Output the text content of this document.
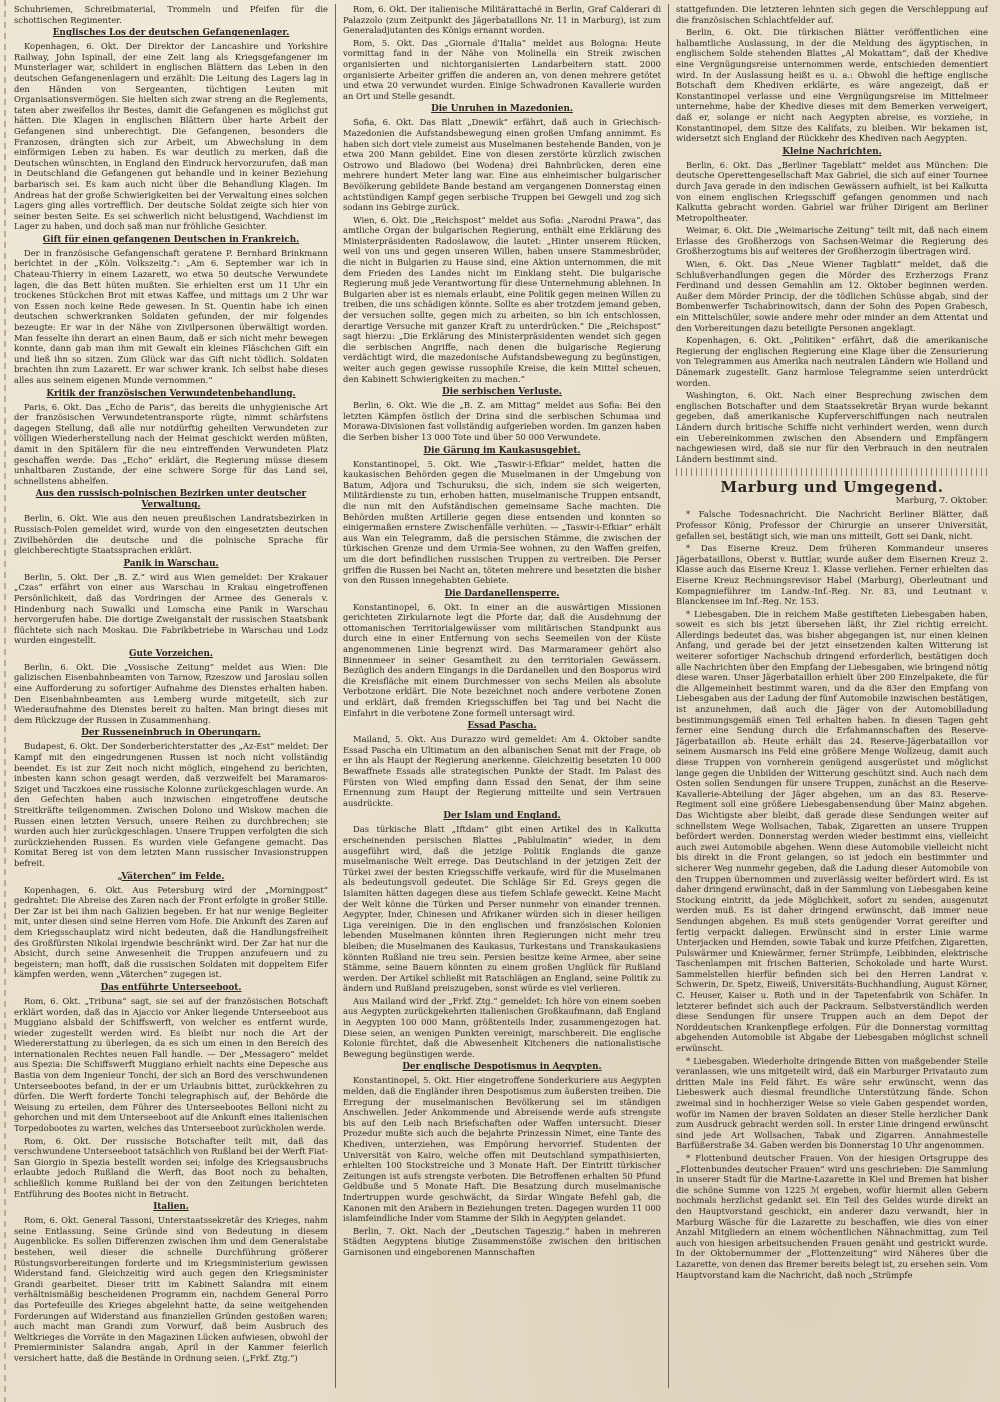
Schuhriemen, Schreibmaterial, Trommeln und Pfeifen für die schottischen Regimenter.

Englisches Los der deutschen Gefangenenlager.

Kopenhagen, 6. Okt. Der Direktor der Lancashire und Yorkshire Railway, John Ispinall, der eine Zeit lang als Kriegsgefangener im Munsterlager war, schildert in englischen Blättern das Leben in den deutschen Gefangenenlagern und erzählt: Die Leitung des Lagers lag in den Händen von Sergeanten, tüchtigen Leuten mit Organisationsvermögen. Sie hielten sich zwar streng an die Reglements, taten aber zweifellos ihr Bestes, damit die Gefangenen es möglichst gut hätten. Die Klagen in englischen Blättern über harte Arbeit der Gefangenen sind unberechtigt. Die Gefangenen, besonders die Franzosen, drängten sich zur Arbeit, um Abwechslung in dem einförmigen Leben zu haben. Es war deutlich zu merken, daß die Deutschen wünschten, in England den Eindruck hervorzurufen, daß man in Deutschland die Gefangenen gut behandle und in keiner Beziehung barbarisch sei. Es kam auch nicht über die Behandlung Klagen. Im Andreas hat der große Schwierigkeiten bei der Verwaltung eines solchen Lagers ging alles vortrefflich. Der deutsche Soldat zeigte sich hier von seiner besten Seite. Es sei schwerlich nicht belustigend, Wachdienst im Lager zu haben, und doch saß man nur fröhliche Gesichter.

Gift für einen gefangenen Deutschen in Frankreich.

Der in französische Gefangenschaft geratene P. Bernhard Brinkmann berichtet in der „Köln. Volkszeitg.“: „Am 6. September war ich in Chateau-Thierry in einem Lazarett, wo etwa 50 deutsche Verwundete lagen, die das Bett hüten mußten. Sie erhielten erst um 11 Uhr ein trockenes Stückchen Brot mit etwas Kaffee, und mittags um 2 Uhr war von Essen noch keine Rede gewesen. In St. Quentin habe ich einen deutschen schwerkranken Soldaten gefunden, der mir folgendes bezeugte: Er war in der Nähe von Zivilpersonen überwältigt worden. Man fesselte ihn derart an einen Baum, daß er sich nicht mehr bewegen konnte, dann gab man ihm mit Gewalt ein kleines Fläschchen Gift ein und ließ ihn so sitzen. Zum Glück war das Gift nicht tödlich. Soldaten brachten ihn zum Lazarett. Er war schwer krank. Ich selbst habe dieses alles aus seinem eigenen Munde vernommen.“

Kritik der französischen Verwundetenbehandlung.

Paris, 6. Okt. Das „Echo de Paris“, das bereits die unhygienische Art der französischen Verwundetentransporte rügte, nimmt schärfstens dagegen Stellung, daß alle nur notdürftig geheilten Verwundeten zur völligen Wiederherstellung nach der Heimat geschickt werden müßten, damit in den Spitälern für die neu eintreffenden Verwundeten Platz geschaffen werde. Das „Echo“ erklärt, die Regierung müsse diesem unhaltbaren Zustande, der eine schwere Sorge für das Land sei, schnellstens abhelfen.

Aus den russisch-polnischen Bezirken unter deutscher Verwaltung.

Berlin, 6. Okt. Wie aus den neuen preußischen Landratsbezirken in Russisch-Polen gemeldet wird, wurde von den eingesetzten deutschen Zivilbehörden die deutsche und die polnische Sprache für gleichberechtigte Staatssprachen erklärt.

Panik in Warschau.

Berlin, 5. Okt. Der „B. Z.“ wird aus Wien gemeldet: Der Krakauer „Czas“ erfährt von einer aus Warschau in Krakau eingetroffenen Persönlichkeit, daß das Vordringen der Armee des Generals v. Hindenburg nach Suwalki und Lomscha eine Panik in Warschau hervorgerufen habe. Die dortige Zweiganstalt der russischen Staatsbank flüchtete sich nach Moskau. Die Fabrikbetriebe in Warschau und Lodz wurden eingestellt.

Gute Vorzeichen.

Berlin, 6. Okt. Die „Vossische Zeitung“ meldet aus Wien: Die galizischen Eisenbahnbeamten von Tarnow, Rzeszow und Jaroslau sollen eine Aufforderung zu sofortiger Aufnahme des Dienstes erhalten haben. Den Eisenbahnbeamten aus Lemberg wurde mitgeteilt, sich zur Wiederaufnahme des Dienstes bereit zu halten. Man bringt dieses mit dem Rückzuge der Russen in Zusammenhang.

Der Russeneinbruch in Oberungarn.

Budapest, 6. Okt. Der Sonderberichterstatter des „Az-Est“ meldet: Der Kampf mit den eingedrungenen Russen ist noch nicht vollständig beendet. Es ist zur Zeit noch nicht möglich, eingehend zu berichten, inbesten kann schon gesagt werden, daß verzweifelt bei Maramaros-Sziget und Taczkoes eine russische Kolonne zurückgeschlagen wurde. An den Gefechten haben auch inzwischen eingetroffene deutsche Streitkräfte teilgenommen. Zwischen Dolono und Wiskow machen die Russen einen letzten Versuch, unsere Reihen zu durchbrechen; sie wurden auch hier zurückgeschlagen. Unsere Truppen verfolgten die sich zurückziehenden Russen. Es wurden viele Gefangene gemacht. Das Komitat Bereg ist von dem letzten Mann russischer Invasionstruppen befreit.

„Väterchen“ im Felde.

Kopenhagen, 6. Okt. Aus Petersburg wird der „Morningpost“ gedrahtet: Die Abreise des Zaren nach der Front erfolgte in großer Stille. Der Zar ist bei ihm nach Galizien begeben. Er hat nur wenige Begleiter mit, unter diesen sind seine Herren vom Hofe. Die Ankunft des Zaren auf dem Kriegsschauplatz wird nicht bedeuten, daß die Handlungsfreiheit des Großfürsten Nikolai irgendwie beschränkt wird. Der Zar hat nur die Absicht, durch seine Anwesenheit die Truppen anzufeuern und zu begeistern; man hofft, daß die russischen Soldaten mit doppeltem Eifer kämpfen werden, wenn „Väterchen“ zugegen ist.

Das entführte Unterseeboot.

Rom, 6. Okt. „Tribuna“ sagt, sie sei auf der französischen Botschaft erklärt worden, daß das in Ajaccio vor Anker liegende Unterseeboot aus Muggiano alsbald der Schiffswerft, von welcher es entfernt wurde, wieder zugestellt werden wird. Es bleibt nur noch die Art der Wiedererstattung zu überlegen, da es sich um einen in den Bereich des internationalen Rechtes neuen Fall handle. — Der „Messagero“ meldet aus Spezia: Die Schiffswerft Muggiano erhielt nachts eine Depesche aus Bastia von dem Ingenieur Tonchi, der sich an Bord des verschwundenen Unterseebootes befand, in der er um Urlaubnis bittet, zurückkehren zu dürfen. Die Werft forderte Tonchi telegraphisch auf, der Behörde die Weisung zu erteilen, dem Führer des Unterseebootes Belloni nicht zu gehorchen und mit dem Unterseeboot auf die Ankunft eines italienischen Torpedobootes zu warten, welches das Unterseeboot zurückholen werde.

Rom, 6. Okt. Der russische Botschafter teilt mit, daß das verschwundene Unterseeboot tatsächlich von Rußland bei der Werft Fiat-San Giorgio in Spezia bestellt worden sei; infolge des Kriegsausbruchs erlaubte jedoch Rußland die Werft, das Boot noch zu behalten, schließlich komme Rußland bei der von den Zeitungen berichteten Entführung des Bootes nicht in Betracht.

Italien.

Rom, 6. Okt. General Tassoni, Unterstaatssekretär des Krieges, nahm seine Entlassung. Seine Gründe sind von Bedeutung in diesem Augenblicke. Es sollen Differenzen zwischen ihm und dem Generalstabe bestehen, weil dieser die schnelle Durchführung größerer Rüstungsvorbereitungen forderte und im Kriegsministerium gewissen Widerstand fand. Gleichzeitig wird auch gegen den Kriegsminister Grandi gearbeitet. Dieser tritt im Kabinett Salandra mit einem verhältnismäßig bescheidenen Programm ein, nachdem General Porro das Portefeuille des Krieges abgelehnt hatte, da seine weitgehenden Forderungen auf Widerstand aus finanziellen Gründen gestoßen waren; auch macht man Grandi zum Vorwurf, daß beim Ausbruch des Weltkrieges die Vorräte in den Magazinen Lücken aufwiesen, obwohl der Premierminister Salandra angab, April in der Kammer feierlich versichert hatte, daß die Bestände in Ordnung seien. („Frkf. Ztg.“)

Rom, 6. Okt. Der italienische Militärattaché in Berlin, Graf Calderari di Palazzolo (zum Zeitpunkt des Jägerbataillons Nr. 11 in Marburg), ist zum Generaladjutanten des Königs ernannt worden.

Rom, 5. Okt. Das „Giornale d'Italia“ meldet aus Bologna: Heute vormittag fand in der Nähe von Molinella ein Streik zwischen organisierten und nichtorganisierten Landarbeitern statt. 2000 organisierte Arbeiter griffen die anderen an, von denen mehrere getötet und etwa 20 verwundet wurden. Einige Schwadronen Kavallerie wurden an Ort und Stelle gesandt.

Die Unruhen in Mazedonien.

Sofia, 6. Okt. Das Blatt „Dnewik“ erfährt, daß auch in Griechisch-Mazedonien die Aufstandsbewegung einen großen Umfang annimmt. Es haben sich dort viele zumeist aus Muselmanen bestehende Banden, von je etwa 200 Mann gebildet. Eine von diesen zerstörte kürzlich zwischen Ostrowo und Bladowo (bei Wodena) drei Bahnbrücken, deren eine mehrere hundert Meter lang war. Eine aus einheimischer bulgarischer Bevölkerung gebildete Bande bestand am vergangenen Donnerstag einen achtstündigen Kampf gegen serbische Truppen bei Gewgeli und zog sich sodann ins Gebirge zurück.

Wien, 6. Okt. Die „Reichspost“ meldet aus Sofia: „Narodni Prawa“, das amtliche Organ der bulgarischen Regierung, enthält eine Erklärung des Ministerpräsidenten Radoslawow, die lautet: „Hinter unserem Rücken, weil von uns und gegen unseren Willen, haben unsere Stammesbrüder, die nicht in Bulgarien zu Hause sind, eine Aktion unternommen, die mit dem Frieden des Landes nicht im Einklang steht. Die bulgarische Regierung muß jede Verantwortung für diese Unternehmung ablehnen. In Bulgarien aber ist es niemals erlaubt, eine Politik gegen meinen Willen zu treiben, die uns schädigen könnte. Sollte es aber trotzdem jemand geben, der versuchen sollte, gegen mich zu arbeiten, so bin ich entschlossen, derartige Versuche mit ganzer Kraft zu unterdrücken.“ Die „Reichspost“ sagt hierzu: „Die Erklärung des Ministerpräsidenten wendet sich gegen die serbischen Angriffe, nach denen die bulgarische Regierung verdächtigt wird, die mazedonische Aufstandsbewegung zu begünstigen, weiter auch gegen gewisse russophile Kreise, die kein Mittel scheuen, den Kabinett Schwierigkeiten zu machen.“

Die serbischen Verluste.

Berlin, 6. Okt. Wie die „B. Z. am Mittag“ meldet aus Sofia: Bei den letzten Kämpfen östlich der Drina sind die serbischen Schumaa und Morawa-Divisionen fast vollständig aufgerieben worden. Im ganzen haben die Serben bisher 13 000 Tote und über 50 000 Verwundete.

Die Gärung im Kaukasusgebiet.

Konstantinopel, 5. Okt. Wie „Taswir-i-Efkiar“ meldet, hatten die kaukasischen Behörden gegen die Muselmanen in der Umgebung von Batum, Adjora und Tschuruksu, die sich, indem sie sich weigerten, Militärdienste zu tun, erhoben hatten, muselmanische Truppen entsandt, die nun mit den Aufständischen gemeinsame Sache machten. Die Behörden mußten Artillerie gegen diese entsenden und konnten so einigermaßen ernstere Zwischenfälle verhüten. — „Taswir-i-Efkiar“ erhält aus Wan ein Telegramm, daß die persischen Stämme, die zwischen der türkischen Grenze und dem Urmia-See wohnen, zu den Waffen greifen, um die dort befindlichen russischen Truppen zu vertreiben. Die Perser griffen die Russen bei Nacht an, töteten mehrere und besetzten die bisher von den Russen innegehabten Gebiete.

Die Dardanellensperre.

Konstantinopel, 6. Okt. In einer an die auswärtigen Missionen gerichteten Zirkularnote legt die Pforte dar, daß die Ausdehnung der ottomanischen Territorialgewässer vom militärischen Standpunkt aus durch eine in einer Entfernung von sechs Seemeilen von der Küste angenommenen Linie begrenzt wird. Das Marmarameer gehört also Binnenmeer in seiner Gesamtheit zu den territorialen Gewässern. Bezüglich des andern Eingangs in die Dardanellen und den Bosporus wird die Kreisfläche mit einem Durchmesser von sechs Meilen als absolute Verbotzone erklärt. Die Note bezeichnet noch andere verbotene Zonen und erklärt, daß fremden Kriegsschiffen bei Tag und bei Nacht die Einfahrt in die verbotene Zone formell untersagt wird.

Essad Pascha.

Mailand, 5. Okt. Aus Durazzo wird gemeldet: Am 4. Oktober sandte Essad Pascha ein Ultimatum an den albanischen Senat mit der Frage, ob er ihn als Haupt der Regierung anerkenne. Gleichzeitig besetzten 10 000 Bewaffnete Essads alle strategischen Punkte der Stadt. Im Palast des Fürsten von Wied empfing dann Essad den Senat, der ihm seine Ernennung zum Haupt der Regierung mitteilte und sein Vertrauen ausdrückte.

Der Islam und England.

Das türkische Blatt „Iftdam“ gibt einen Artikel des in Kalkutta erscheinenden persischen Blattes „Pablulmatin“ wieder, in dem ausgeführt wird, daß die jetzige Politik Englands die ganze muselmanische Welt errege. Das Deutschland in der jetzigen Zeit der Türkei zwei der besten Kriegsschiffe verkaufe, wird für die Muselmanen als bedeutungsvoll gedeutet. Die Schläge Sir Ed. Greys gegen die Islamiten hätten dagegen diese aus tiefem Schlafe geweckt. Keine Macht der Welt könne die Türken und Perser nunmehr von einander trennen. Aegypter, Inder, Chinesen und Afrikaner würden sich in dieser heiligen Liga vereinigen. Die in den englischen und französischen Kolonien lebenden Muselmanen könnten ihren Regierungen nicht mehr treu bleiben; die Muselmanen des Kaukasus, Turkestans und Transkaukasiens könnten Rußland nie treu sein. Persien besitze keine Armee, aber seine Stämme, seine Bauern könnten zu einem großen Unglück für Rußland werden. Der Artikel schließt mit Ratschlägen an England, seine Politik zu ändern und Rußland preiszugeben, sonst würde es viel verlieren.

Aus Mailand wird der „Frkf. Ztg.“ gemeldet: Ich höre von einem soeben aus Aegypten zurückgekehrten italienischen Großkaufmann, daß England in Aegypten 100 000 Mann, größtenteils Inder, zusammengezogen hat. Diese seien, an wenigen Punkten vereinigt, marschbereit. Die englische Kolonie fürchtet, daß die Abwesenheit Kitcheners die nationalistische Bewegung begünstigen werde.

Der englische Despotismus in Aegypten.

Konstantinopel, 5. Okt. Hier eingetroffene Sonderkuriere aus Aegypten melden, daß die Engländer ihren Despotismus zum äußersten treiben. Die Erregung der muselmanischen Bevölkerung sei im ständigen Anschwellen. Jeder Ankommende und Abreisende werde aufs strengste bis auf den Leib nach Briefschaften oder Waffen untersucht. Dieser Prozedur mußte sich auch die bejahrte Prinzessin Nimet, eine Tante des Khediven, unterziehen, was Empörung hervorrief. Studenten der Universität von Kairo, welche offen mit Deutschland sympathisierten, erhielten 100 Stockstreiche und 3 Monate Haft. Der Eintritt türkischer Zeitungen ist aufs strengste verboten. Die Betroffenen erhalten 50 Pfund Geldbuße und 5 Monate Haft. Die Besatzung durch muselmanische Indertruppen wurde geschwächt, da Sirdar Wingate Befehl gab, die Kanonen mit den Arabern in Beziehungen treten. Dagegen wurden 11 000 islamfeindliche Inder vom Stamme der Sikh in Aegypten gelandet.

Berlin, 7. Okt. Nach der „Deutschen Tageszig.“ haben in mehreren Städten Aegyptens blutige Zusammenstöße zwischen den britischen Garnisonen und eingeborenen Mannschaften

stattgefunden. Die letzteren lehnten sich gegen die Verschleppung auf die französischen Schlachtfelder auf.

Berlin, 6. Okt. Die türkischen Blätter veröffentlichen eine halbamtliche Auslassung, in der die Meldung des ägyptischen, in englischem Solde stehenden Blattes „Al Mokattam“, daß der Khedive eine Vergnügungsreise unternommen werde, entschieden dementiert wird. In der Auslassung heißt es u. a.: Obwohl die heftige englische Botschaft dem Khediven erklärte, es wäre angezeigt, daß er Konstantinopel verlasse und eine Vergnügungsreise im Mittelmeer unternehme, habe der Khedive dieses mit dem Bemerken verweigert, daß er, solange er nicht nach Aegypten abreise, es vorziehe, in Konstantinopel, dem Sitze des Kalifats, zu bleiben. Wir bekamen ist, widersetzt sich England der Rückkehr des Khediven nach Aegypten.

Kleine Nachrichten.

Berlin, 6. Okt. Das „Berliner Tageblatt“ meldet aus München: Die deutsche Operettengesellschaft Max Gabriel, die sich auf einer Tournee durch Java gerade in den indischen Gewässern aufhielt, ist bei Kalkutta von einem englischen Kriegsschiff gefangen genommen und nach Kalkutta gebracht worden. Gabriel war früher Dirigent am Berliner Metropoltheater.

Weimar, 6. Okt. Die „Weimarische Zeitung“ teilt mit, daß nach einem Erlasse des Großherzogs von Sachsen-Weimar die Regierung des Großherzogtums bis auf weiteres der Großherzogin übertragen wird.

Wien, 6. Okt. Das „Neue Wiener Tagblatt“ meldet, daß die Schlußverhandlungen gegen die Mörder des Erzherzogs Franz Ferdinand und dessen Gemahlin am 12. Oktober beginnen werden. Außer dem Mörder Princip, der die tödlichen Schüsse abgab, sind der Bombenwerfer Tschabrinowitsch, dann der Sohn des Popen Grabesch, ein Mittelschüler, sowie andere mehr oder minder an dem Attentat und den Vorbereitungen dazu beteiligte Personen angeklagt.

Kopenhagen, 6. Okt. „Politiken“ erfährt, daß die amerikanische Regierung der englischen Regierung eine Klage über die Zensurierung von Telegrammen aus Amerika nach neutralen Ländern wie Holland und Dänemark zugestellt. Ganz harmlose Telegramme seien unterdrückt worden.

Washington, 6. Okt. Nach einer Besprechung zwischen dem englischen Botschafter und dem Staatssekretär Bryan wurde bekannt gegeben, daß amerikanische Kupferverschiffungen nach neutralen Ländern durch britische Schiffe nicht verhindert werden, wenn durch ein Uebereinkommen zwischen den Absendern und Empfängern nachgewiesen wird, daß sie nur für den Verbrauch in den neutralen Ländern bestimmt sind.

Marburg und Umgegend.
Marburg, 7. Oktober.

* Falsche Todesnachricht. Die Nachricht Berliner Blätter, daß Professor König, Professor der Chirurgie an unserer Universität, gefallen sei, bestätigt sich, wie man uns mitteilt, Gott sei Dank, nicht.

* Das Eiserne Kreuz. Dem früheren Kommandeur unseres Jägerbataillons, Oberst v. Buttlar, wurde außer dem Eisernen Kreuz 2. Klasse auch das Eiserne Kreuz 1. Klasse verliehen. Ferner erhielten das Eiserne Kreuz Rechnungsrevisor Habel (Marburg), Oberleutnant und Kompagnieführer im Landw.-Inf.-Reg. Nr. 83, und Leutnant v. Blanckensee im Inf.-Reg. Nr. 153.

* Liebesgaben. Die in reichem Maße gestifteten Liebesgaben haben, soweit es sich bis jetzt übersehen läßt, ihr Ziel richtig erreicht. Allerdings bedeutet das, was bisher abgegangen ist, nur einen kleinen Anfang, und gerade bei der jetzt einsetzenden kalten Witterung ist weiterer sofortiger Nachschub dringend erforderlich, bestätigen doch alle Nachrichten über den Empfang der Liebesgaben, wie bringend nötig diese waren. Unser Jägerbataillon erhielt über 200 Einzelpakete, die für die Allgemeinheit bestimmt waren, und da die 83er den Empfang von Liebesgaben aus der Ladung der fünf Automobile inzwischen bestätigen, ist anzunehmen, daß auch die Jäger von der Automobilladung bestimmungsgemäß einen Teil erhalten haben. In diesen Tagen geht ferner eine Sendung durch die Erfahmannschaften des Reserve-Jägerbataillon ab. Heute erhält das 24. Reserve-Jägerbataillon vor seinem Ausmarsch ins Feld eine größere Menge Wollzeug, damit auch diese Truppen von vornherein genügend ausgerüstet und möglichst lange gegen die Unbilden der Witterung geschützt sind. Auch nach dem Osten sollen Sendungen für unsere Truppen, zunächst an die Reserve-Kavallerie-Abteilung der Jäger abgehen, um an das 83. Reserve-Regiment soll eine größere Liebesgabensendung über Mainz abgehen. Das Wichtigste aber bleibt, daß gerade diese Sendungen weiter auf schnellstem Wege Wollsachen, Tabak, Zigaretten an unsere Truppen befördert werden. Donnerstag werden wieder bestimmt eins, vielleicht auch zwei Automobile abgehen. Wenn diese Automobile vielleicht nicht bis direkt in die Front gelangen, so ist jedoch ein bestimmter und sicherer Weg nunmehr gegeben, daß die Ladung dieser Automobile von den Truppen übernommen und zuverlässig weiter befördert wird. Es ist daher dringend erwünscht, daß in der Sammlung von Liebesgaben keine Stockung eintritt, da jede Möglichkeit, sofort zu senden, ausgenutzt werden muß. Es ist daher dringend erwünscht, daß immer neue Sendungen abgehen. Es muß stets genügender Vorrat gereifter und fertig verpackt daliegen. Erwünscht sind in erster Linie warme Unterjacken und Hemden, sowie Tabak und kurze Pfeifchen, Zigaretten, Pulswärmer und Kniewärmer, ferner Strümpfe, Leibbinden, elektrische Taschenlampen mit frischen Batterien, Schokolade und harte Wurst. Sammelstellen hierfür befinden sich bei den Herren Landrat v. Schwerin, Dr. Spetz, Eiweiß, Universitäts-Buchhandlung, August Körner, C. Heuser, Kaiser u. Roth und in der Tapetenfabrik von Schäfer. In letzterer befindet sich auch der Packraum. Selbstverständlich werden diese Sendungen für unsere Truppen auch an dem Depot der Norddeutschen Krankenpflege erfolgen. Für die Donnerstag vormittag abgehenden Automobile ist Abgabe der Liebesgaben möglichst schnell erwünscht.

* Liebesgaben. Wiederholte dringende Bitten von maßgebender Stelle veranlassen, wie uns mitgeteilt wird, daß ein Marburger Privatauto zum dritten Male ins Feld fährt. Es wäre sehr erwünscht, wenn das Liebeswerk auch diesmal freundliche Unterstützung fände. Schon zweimal sind in hochherziger Weise so viele Gaben gespendet worden, wofür im Namen der braven Soldaten an dieser Stelle herzlicher Dank zum Ausdruck gebracht werden soll. In erster Linie dringend erwünscht sind jede Art Wollsachen, Tabak und Zigarren. Annahmestelle Barfüßerstraße 34. Gaben werden bis Donnerstag 10 Uhr angenommen.

* Flottenbund deutscher Frauen. Von der hiesigen Ortsgruppe des „Flottenbundes deutscher Frauen“ wird uns geschrieben: Die Sammlung in unserer Stadt für die Marine-Lazarette in Kiel und Bremen hat bisher die schöne Summe von 1225 ℳ ergeben, wofür hiermit allen Gebern nochmals herzlichst gedankt sei. Ein Teil des Geldes wurde direkt an den Hauptvorstand geschickt, ein anderer dazu verwandt, hier in Marburg Wäsche für die Lazarette zu beschaffen, wie dies von einer Anzahl Mitgliedern an einem wöchentlichen Nähnachmittag, zum Teil auch von hiesigen arbeitsuchenden Frauen genäht und gestrickt wurde. In der Oktobernummer der „Flottenzeitung“ wird Näheres über die Lazarette, von denen das Bremer bereits belegt ist, zu ersehen sein. Vom Hauptvorstand kam die Nachricht, daß noch „Strümpfe
